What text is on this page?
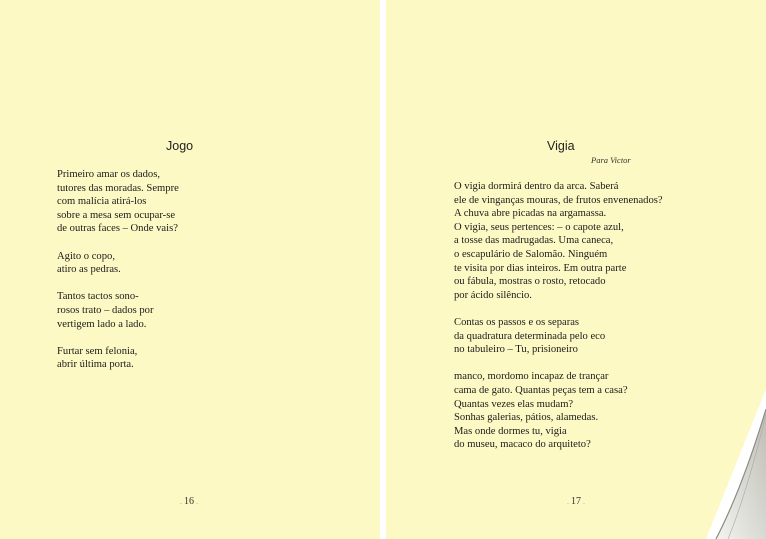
Jogo
Primeiro amar os dados,
tutores das moradas. Sempre
com malícia atirá-los
sobre a mesa sem ocupar-se
de outras faces – Onde vais?
Agito o copo,
atiro as pedras.
Tantos tactos sono-
rosos trato – dados por
vertigem lado a lado.
Furtar sem felonia,
abrir última porta.
. 16 .
Vigia
Para Victor
O vigia dormirá dentro da arca. Saberá
ele de vinganças mouras, de frutos envenenados?
A chuva abre picadas na argamassa.
O vigia, seus pertences: – o capote azul,
a tosse das madrugadas. Uma caneca,
o escapulário de Salomão. Ninguém
te visita por dias inteiros. Em outra parte
ou fábula, mostras o rosto, retocado
por ácido silêncio.
Contas os passos e os separas
da quadratura determinada pelo eco
no tabuleiro – Tu, prisioneiro
manco, mordomo incapaz de trançar
cama de gato. Quantas peças tem a casa?
Quantas vezes elas mudam?
Sonhas galerias, pátios, alamedas.
Mas onde dormes tu, vigia
do museu, macaco do arquiteto?
. 17 .
